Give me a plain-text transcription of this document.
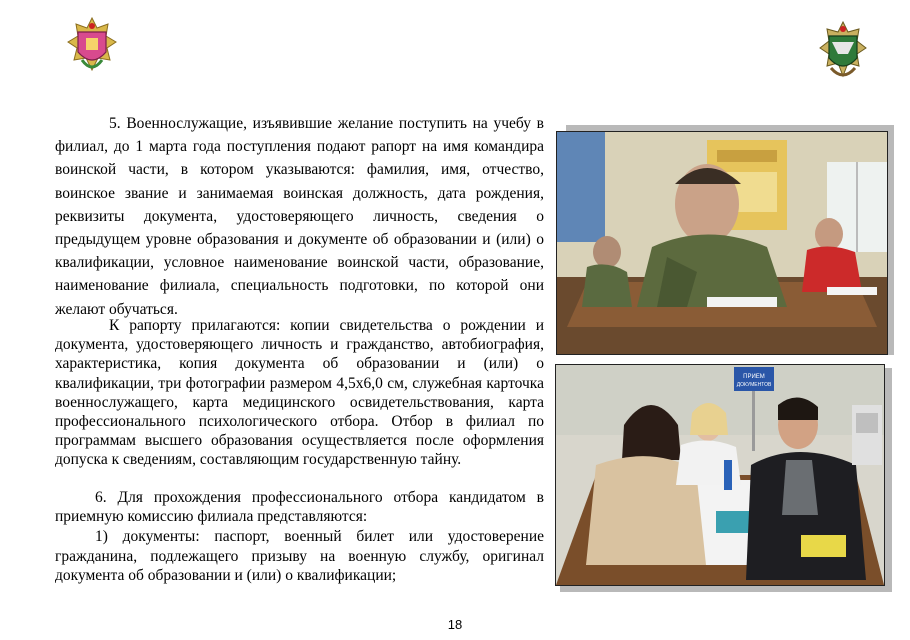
5. Военнослужащие, изъявившие желание поступить на учебу в филиал, до 1 марта года поступления подают рапорт на имя командира воинской части, в котором указываются: фамилия, имя, отчество, воинское звание и занимаемая воинская должность, дата рождения, реквизиты документа, удостоверяющего личность, сведения о предыдущем уровне образования и документе об образовании и (или) о квалификации, условное наименование воинской части, образование, наименование филиала, специальность подготовки, по которой они желают обучаться.

К рапорту прилагаются: копии свидетельства о рождении и документа, удостоверяющего личность и гражданство, автобиография, характеристика, копия документа об образовании и (или) о квалификации, три фотографии размером 4,5х6,0 см, служебная карточка военнослужащего, карта медицинского освидетельствования, карта профессионального психологического отбора. Отбор в филиал по программам высшего образования осуществляется после оформления допуска к сведениям, составляющим государственную тайну.

6. Для прохождения профессионального отбора кандидатом в приемную комиссию филиала представляются:

1) документы: паспорт, военный билет или удостоверение гражданина, подлежащего призыву на военную службу, оригинал документа об образовании и (или) о квалификации;

ПРИЕМ
ДОКУМЕНТОВ
18
